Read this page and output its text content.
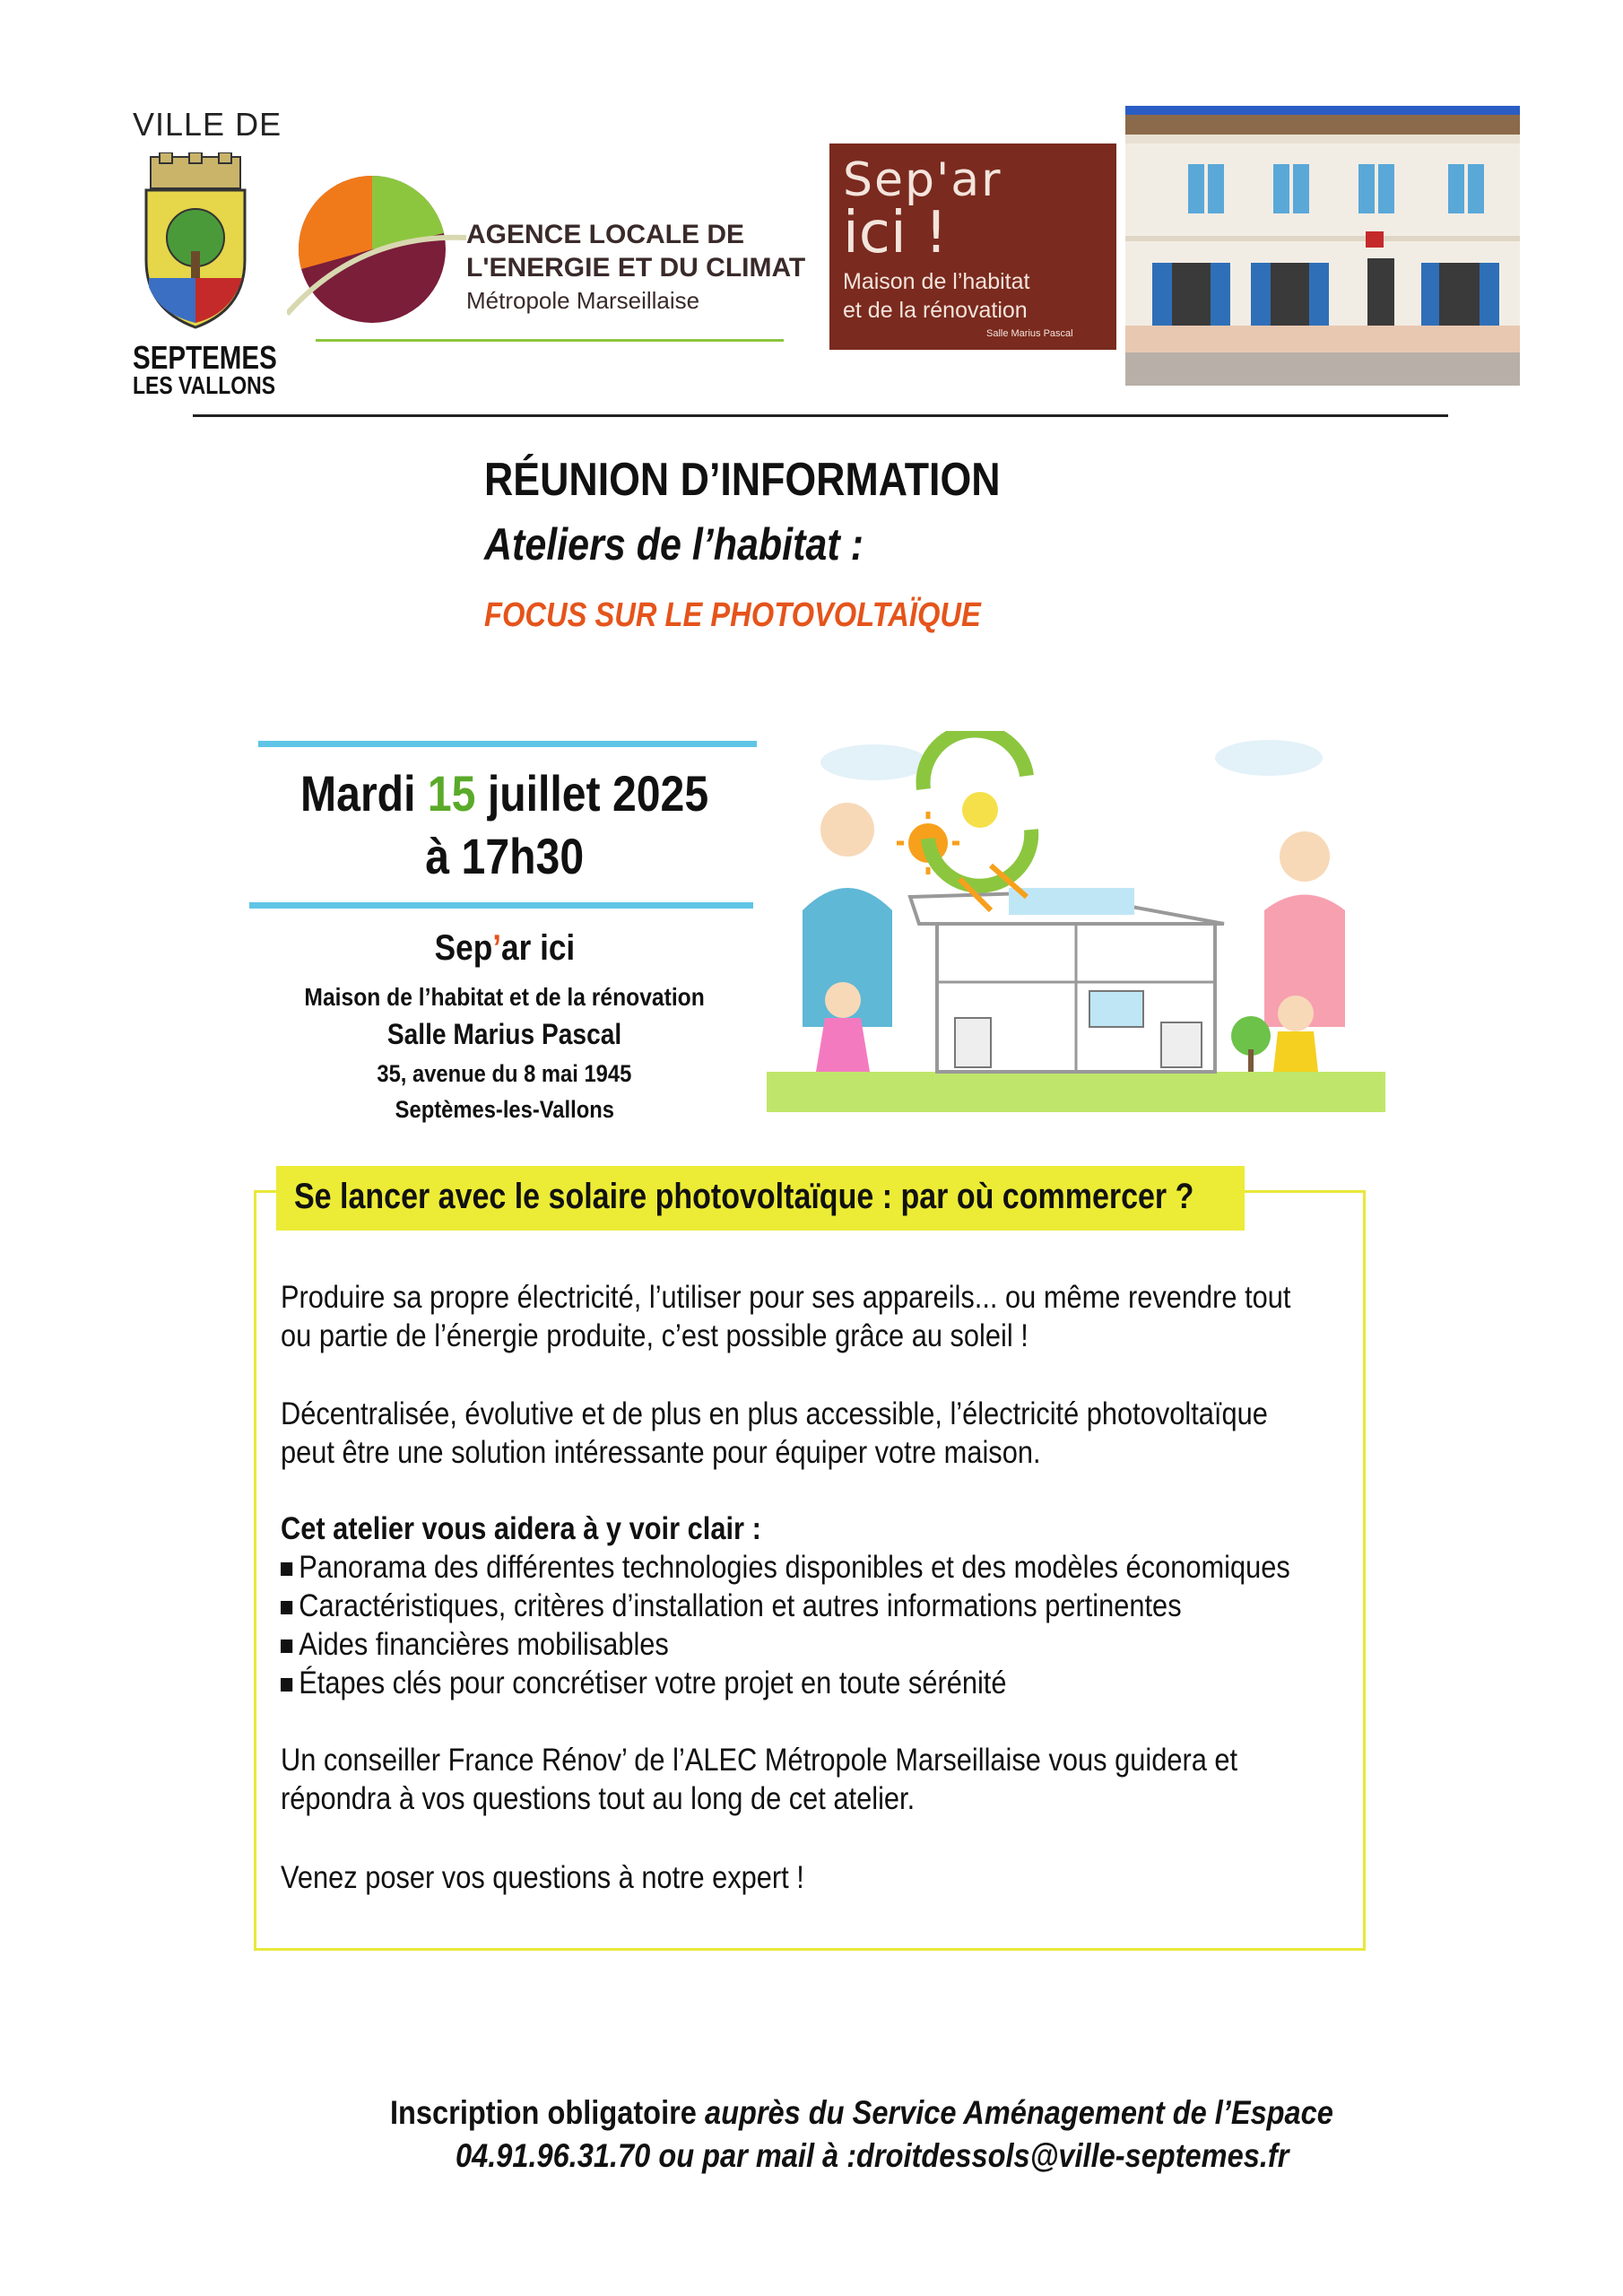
VILLE DE
SEPTEMES
LES VALLONS
AGENCE LOCALE DE
L'ENERGIE ET DU CLIMAT
Métropole Marseillaise
Sep'ar
ici !
Maison de l’habitat
et de la rénovation
Salle Marius Pascal
RÉUNION D’INFORMATION
Ateliers de l’habitat :
FOCUS SUR LE PHOTOVOLTAÏQUE
Mardi 15 juillet 2025
à 17h30
Sep’ar ici
Maison de l’habitat et de la rénovation
Salle Marius Pascal
35, avenue du 8 mai 1945
Septèmes-les-Vallons
Se lancer avec le solaire photovoltaïque : par où commercer ?
Produire sa propre électricité, l’utiliser pour ses appareils... ou même revendre tout ou partie de l’énergie produite, c’est possible grâce au soleil !
Décentralisée, évolutive et de plus en plus accessible, l’électricité photovoltaïque peut être une solution intéressante pour équiper votre maison.
Cet atelier vous aidera à y voir clair :
Panorama des différentes technologies disponibles et des modèles économiques
Caractéristiques, critères d’installation et autres informations pertinentes
Aides financières mobilisables
Étapes clés pour concrétiser votre projet en toute sérénité
Un conseiller France Rénov’ de l’ALEC Métropole Marseillaise vous guidera et répondra à vos questions tout au long de cet atelier.
Venez poser vos questions à notre expert !
Inscription obligatoire auprès du Service Aménagement de l’Espace
04.91.96.31.70 ou par mail à :droitdessols@ville-septemes.fr
